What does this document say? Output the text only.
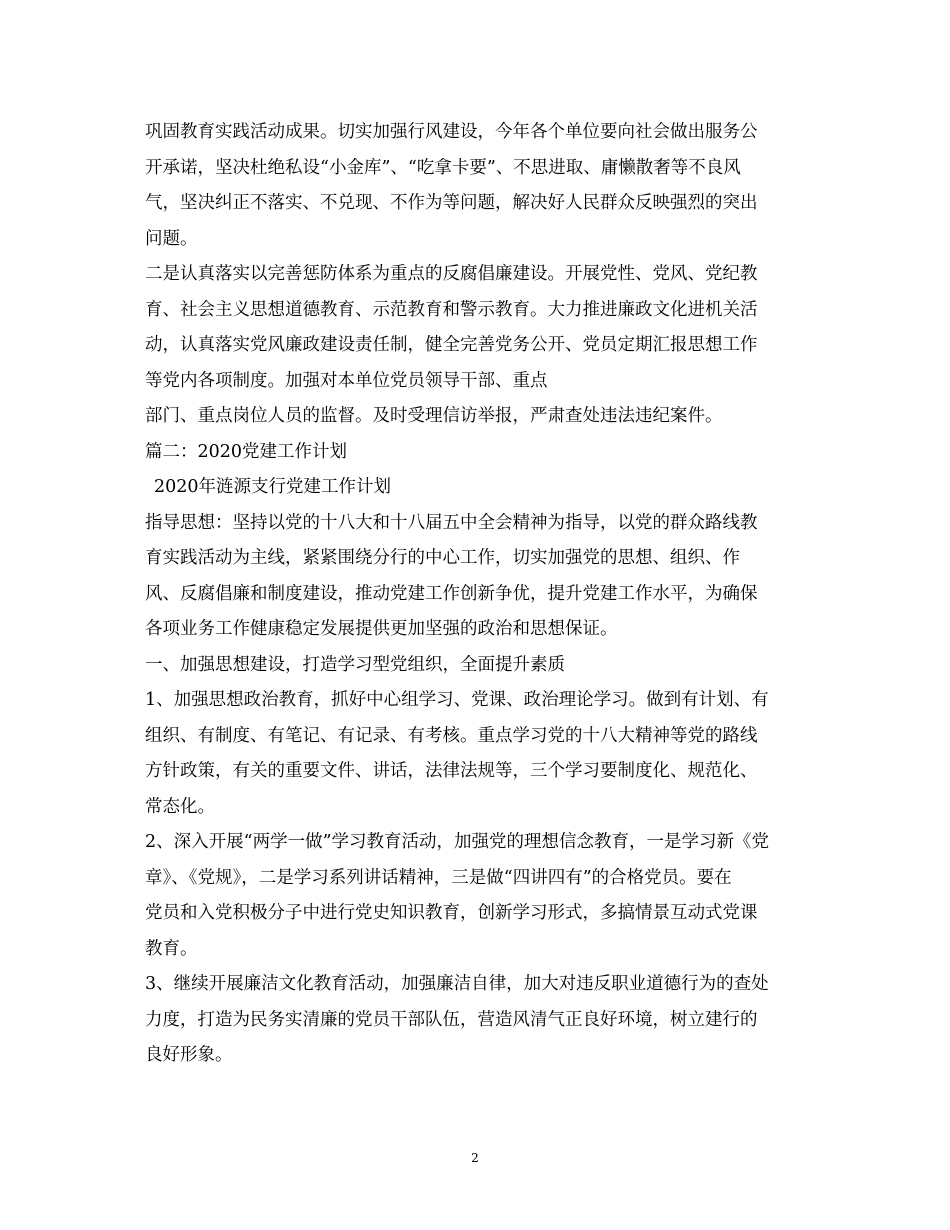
巩固教育实践活动成果。切实加强行风建设，今年各个单位要向社会做出服务公
开承诺，坚决杜绝私设“小金库”、“吃拿卡要”、不思进取、庸懒散奢等不良风
气，坚决纠正不落实、不兑现、不作为等问题，解决好人民群众反映强烈的突出
问题。
二是认真落实以完善惩防体系为重点的反腐倡廉建设。开展党性、党风、党纪教
育、社会主义思想道德教育、示范教育和警示教育。大力推进廉政文化进机关活
动，认真落实党风廉政建设责任制，健全完善党务公开、党员定期汇报思想工作
等党内各项制度。加强对本单位党员领导干部、重点
部门、重点岗位人员的监督。及时受理信访举报，严肃查处违法违纪案件。
篇二：2020党建工作计划
2020年涟源支行党建工作计划
指导思想：坚持以党的十八大和十八届五中全会精神为指导，以党的群众路线教
育实践活动为主线，紧紧围绕分行的中心工作，切实加强党的思想、组织、作
风、反腐倡廉和制度建设，推动党建工作创新争优，提升党建工作水平，为确保
各项业务工作健康稳定发展提供更加坚强的政治和思想保证。
一、加强思想建设，打造学习型党组织，全面提升素质
1、加强思想政治教育，抓好中心组学习、党课、政治理论学习。做到有计划、有
组织、有制度、有笔记、有记录、有考核。重点学习党的十八大精神等党的路线
方针政策，有关的重要文件、讲话，法律法规等，三个学习要制度化、规范化、
常态化。
2、深入开展“两学一做”学习教育活动，加强党的理想信念教育，一是学习新《党
章》、《党规》，二是学习系列讲话精神，三是做“四讲四有”的合格党员。要在
党员和入党积极分子中进行党史知识教育，创新学习形式，多搞情景互动式党课
教育。
3、继续开展廉洁文化教育活动，加强廉洁自律，加大对违反职业道德行为的查处
力度，打造为民务实清廉的党员干部队伍，营造风清气正良好环境，树立建行的
良好形象。
2
